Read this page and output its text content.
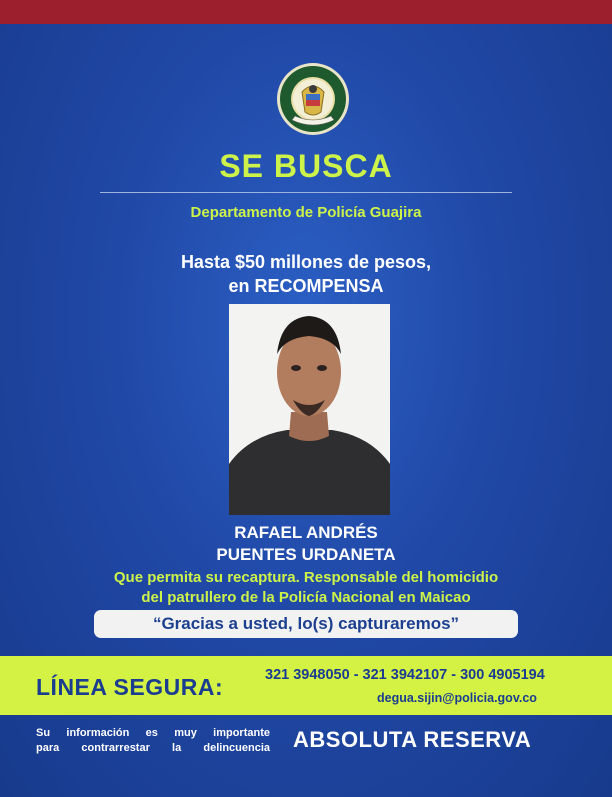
SE BUSCA
Departamento de Policía Guajira
Hasta $50 millones de pesos,
en RECOMPENSA
RAFAEL ANDRÉS
PUENTES URDANETA
Que permita su recaptura. Responsable del homicidio
del patrullero de la Policía Nacional en Maicao
“Gracias a usted, lo(s) capturaremos”
LÍNEA SEGURA:	321 3948050 - 321 3942107 - 300 4905194
degua.sijin@policia.gov.co
Su información es muy importante
para contrarrestar la delincuencia ABSOLUTA RESERVA
